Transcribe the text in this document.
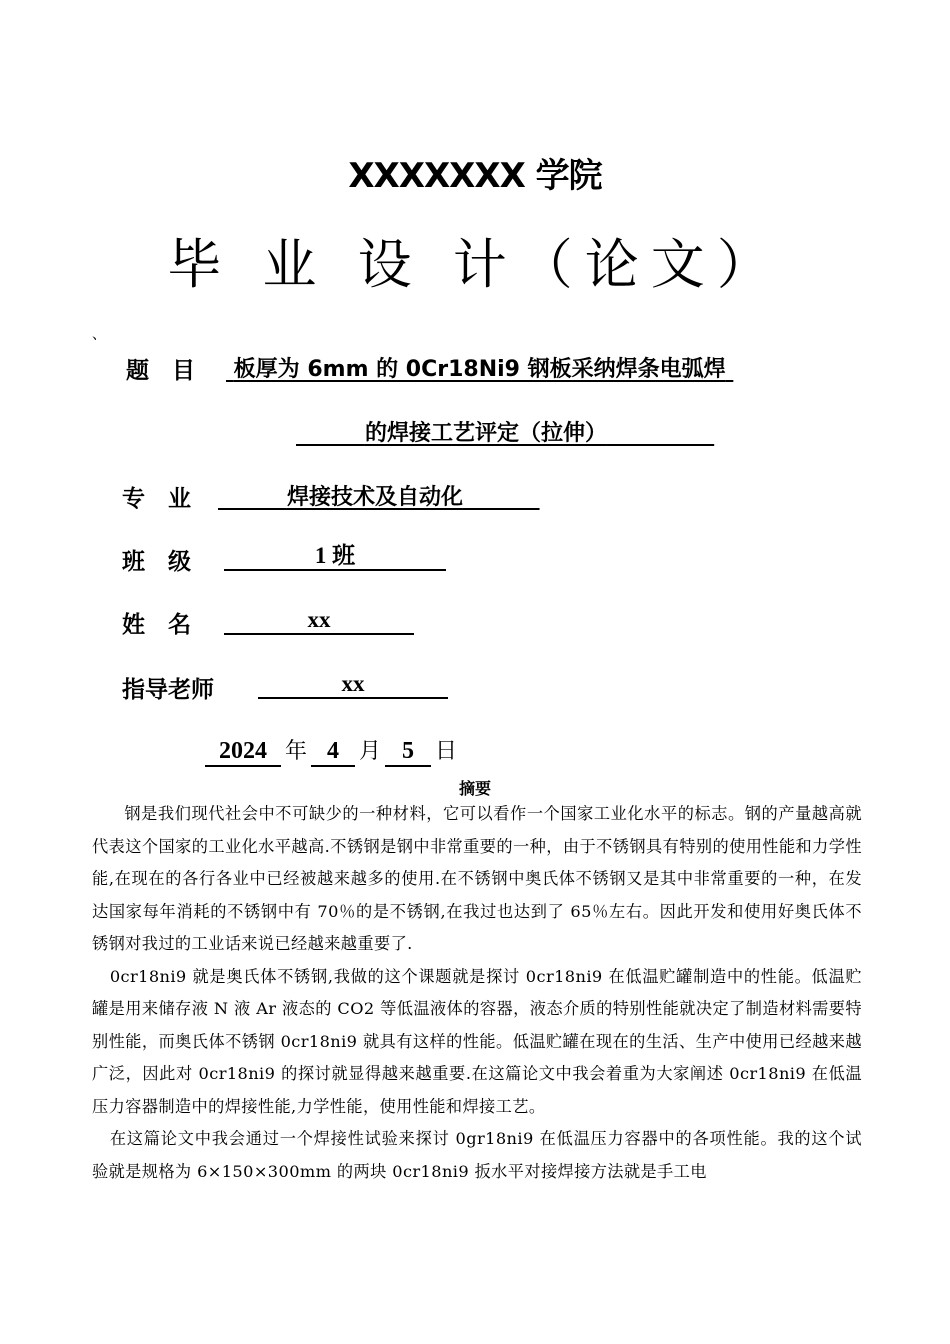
XXXXXXX 学院
毕 业 设 计（论文）
、
题　目	板厚为 6mm 的 0Cr18Ni9 钢板采纳焊条电弧焊
的焊接工艺评定（拉伸）
专　业	焊接技术及自动化
班　级	1 班
姓　名	xx
指导老师	xx
2024 年 4 月 5 日
摘要

钢是我们现代社会中不可缺少的一种材料，它可以看作一个国家工业化水平的标志。钢的产量越高就代表这个国家的工业化水平越高.不锈钢是钢中非常重要的一种，由于不锈钢具有特别的使用性能和力学性能,在现在的各行各业中已经被越来越多的使用.在不锈钢中奥氏体不锈钢又是其中非常重要的一种，在发达国家每年消耗的不锈钢中有 70％的是不锈钢,在我过也达到了 65％左右。因此开发和使用好奥氏体不锈钢对我过的工业话来说已经越来越重要了.

0cr18ni9 就是奥氏体不锈钢,我做的这个课题就是探讨 0cr18ni9 在低温贮罐制造中的性能。低温贮罐是用来储存液 N 液 Ar 液态的 CO2 等低温液体的容器，液态介质的特别性能就决定了制造材料需要特别性能，而奥氏体不锈钢 0cr18ni9 就具有这样的性能。低温贮罐在现在的生活、生产中使用已经越来越广泛，因此对 0cr18ni9 的探讨就显得越来越重要.在这篇论文中我会着重为大家阐述 0cr18ni9 在低温压力容器制造中的焊接性能,力学性能，使用性能和焊接工艺。

在这篇论文中我会通过一个焊接性试验来探讨 0gr18ni9 在低温压力容器中的各项性能。我的这个试验就是规格为 6×150×300mm 的两块 0cr18ni9 扳水平对接焊接方法就是手工电
